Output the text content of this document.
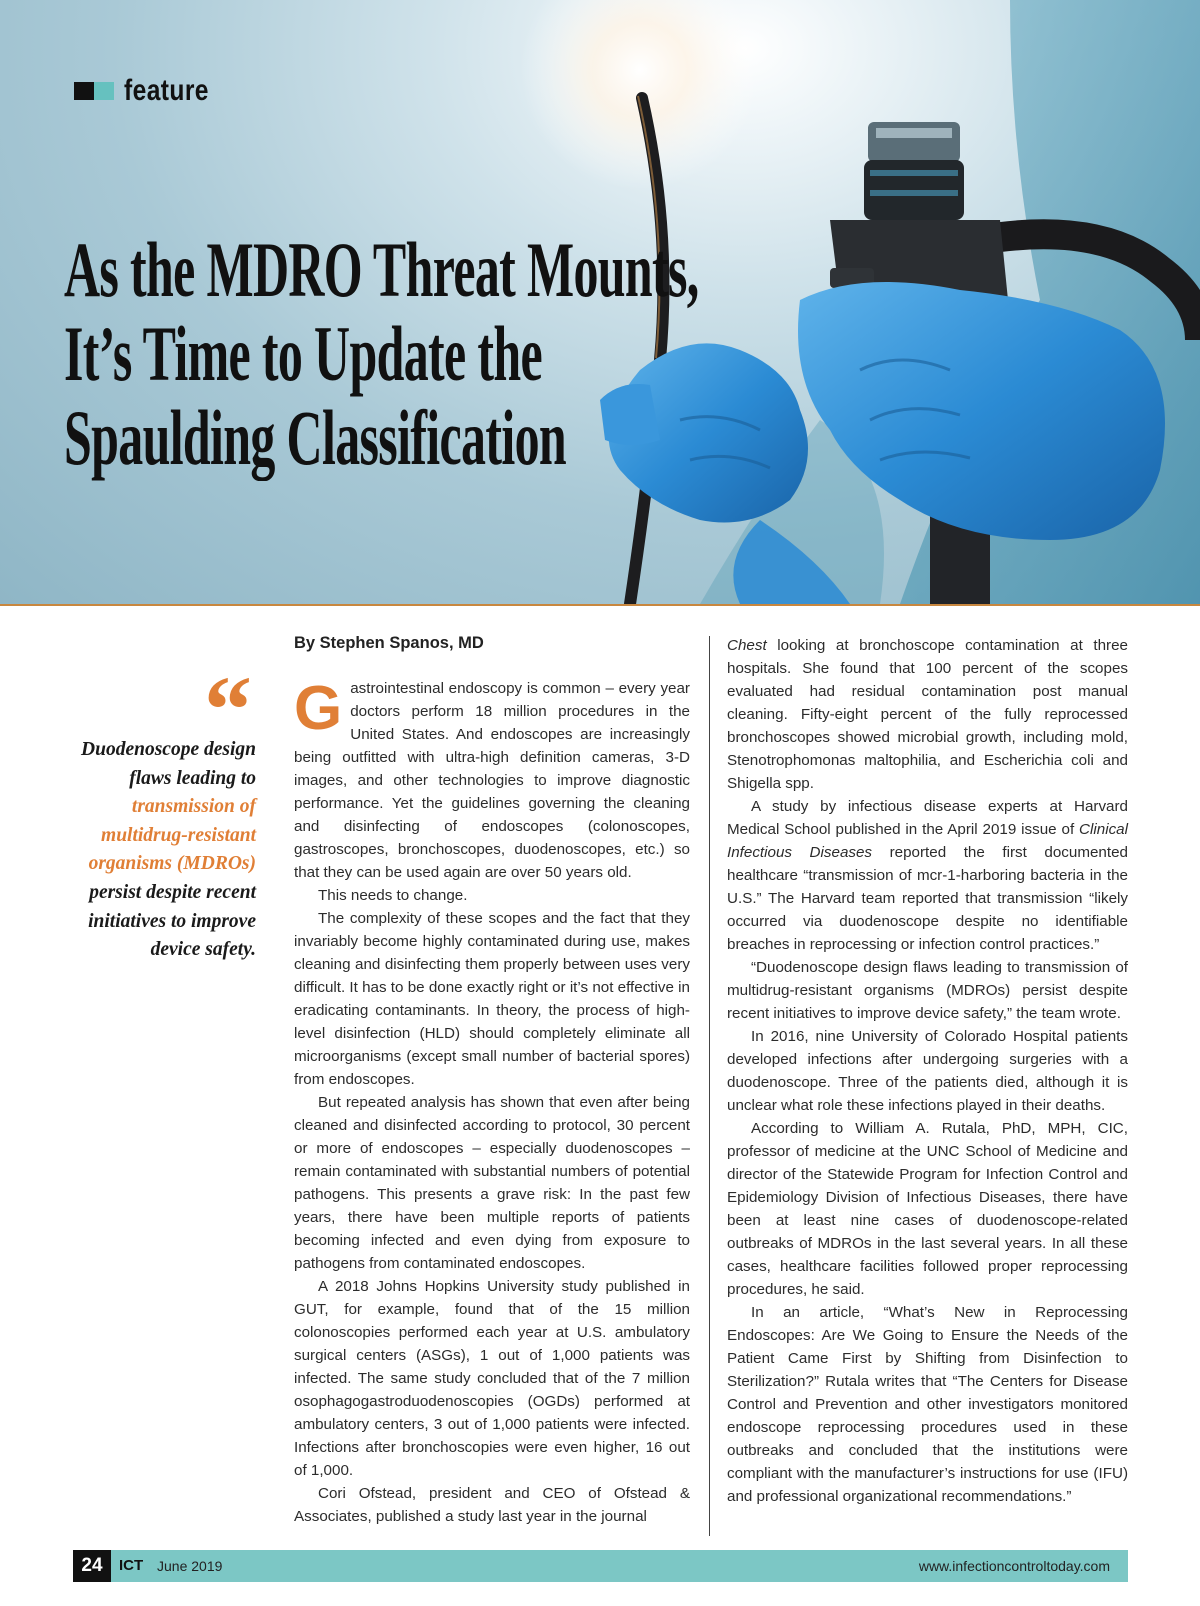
feature
As the MDRO Threat Mounts,
It’s Time to Update the
Spaulding Classification
“
Duodenoscope design flaws leading to transmission of multidrug-resistant organisms (MDROs) persist despite recent initiatives to improve device safety.
By Stephen Spanos, MD

Gastrointestinal endoscopy is common – every year doctors perform 18 million procedures in the United States. And endoscopes are increasingly being outfitted with ultra-high definition cameras, 3-D images, and other technologies to improve diagnostic performance. Yet the guidelines governing the cleaning and disinfecting of endoscopes (colonoscopes, gastroscopes, bronchoscopes, duodenoscopes, etc.) so that they can be used again are over 50 years old.

This needs to change.

The complexity of these scopes and the fact that they invariably become highly contaminated during use, makes cleaning and disinfecting them properly between uses very difficult. It has to be done exactly right or it’s not effective in eradicating contaminants. In theory, the process of high-level disinfection (HLD) should completely eliminate all microorganisms (except small number of bacterial spores) from endoscopes.

But repeated analysis has shown that even after being cleaned and disinfected according to protocol, 30 percent or more of endoscopes – especially duodenoscopes – remain contaminated with substantial numbers of potential pathogens. This presents a grave risk: In the past few years, there have been multiple reports of patients becoming infected and even dying from exposure to pathogens from contaminated endoscopes.

A 2018 Johns Hopkins University study published in GUT, for example, found that of the 15 million colonoscopies performed each year at U.S. ambulatory surgical centers (ASGs), 1 out of 1,000 patients was infected. The same study concluded that of the 7 million osophagogastroduodenoscopies (OGDs) performed at ambulatory centers, 3 out of 1,000 patients were infected. Infections after bronchoscopies were even higher, 16 out of 1,000.

Cori Ofstead, president and CEO of Ofstead & Associates, published a study last year in the journal

Chest looking at bronchoscope contamination at three hospitals. She found that 100 percent of the scopes evaluated had residual contamination post manual cleaning. Fifty-eight percent of the fully reprocessed bronchoscopes showed microbial growth, including mold, Stenotrophomonas maltophilia, and Escherichia coli and Shigella spp.

A study by infectious disease experts at Harvard Medical School published in the April 2019 issue of Clinical Infectious Diseases reported the first documented healthcare “transmission of mcr-1-harboring bacteria in the U.S.” The Harvard team reported that transmission “likely occurred via duodenoscope despite no identifiable breaches in reprocessing or infection control practices.”

“Duodenoscope design flaws leading to transmission of multidrug-resistant organisms (MDROs) persist despite recent initiatives to improve device safety,” the team wrote.

In 2016, nine University of Colorado Hospital patients developed infections after undergoing surgeries with a duodenoscope. Three of the patients died, although it is unclear what role these infections played in their deaths.

According to William A. Rutala, PhD, MPH, CIC, professor of medicine at the UNC School of Medicine and director of the Statewide Program for Infection Control and Epidemiology Division of Infectious Diseases, there have been at least nine cases of duodenoscope-related outbreaks of MDROs in the last several years. In all these cases, healthcare facilities followed proper reprocessing procedures, he said.

In an article, “What’s New in Reprocessing Endoscopes: Are We Going to Ensure the Needs of the Patient Came First by Shifting from Disinfection to Sterilization?” Rutala writes that “The Centers for Disease Control and Prevention and other investigators monitored endoscope reprocessing procedures used in these outbreaks and concluded that the institutions were compliant with the manufacturer’s instructions for use (IFU) and professional organizational recommendations.”

24	ICT June 2019	www.infectioncontroltoday.com
